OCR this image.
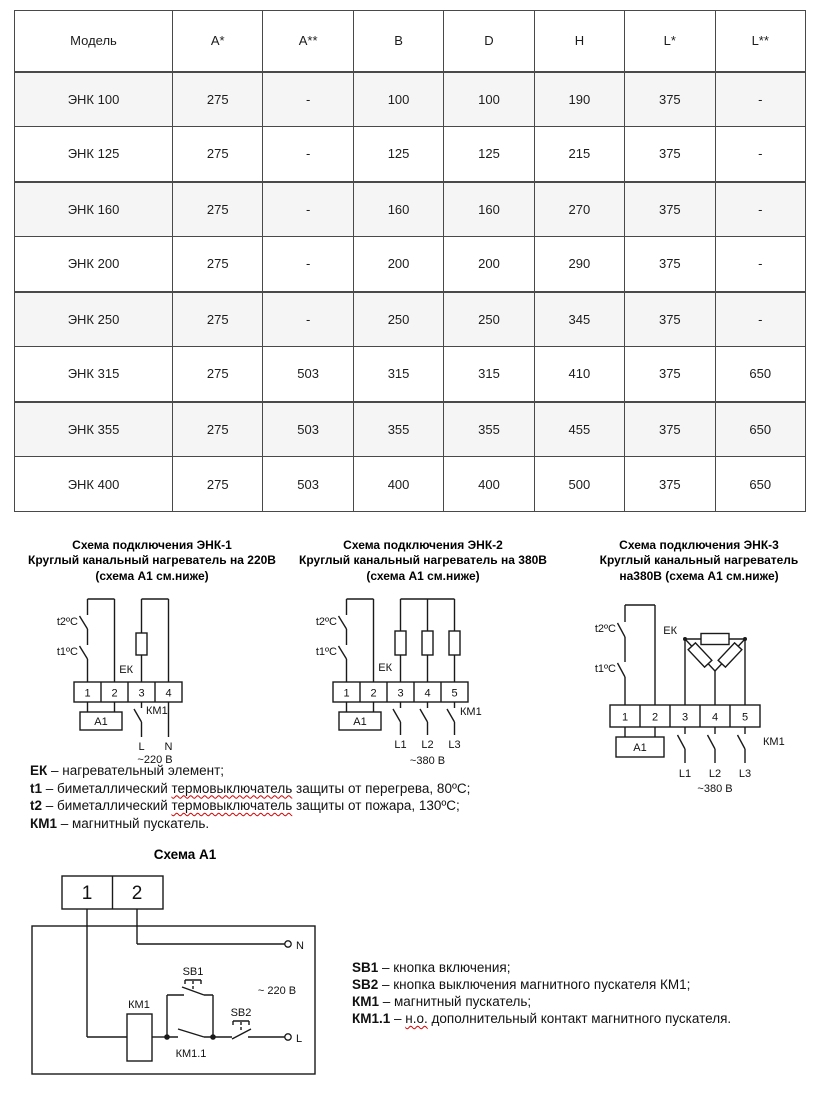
Модель	A*	A**	B	D	H	L*	L**
ЭНК 100	275	-	100	100	190	375	-
ЭНК 125	275	-	125	125	215	375	-
ЭНК 160	275	-	160	160	270	375	-
ЭНК 200	275	-	200	200	290	375	-
ЭНК 250	275	-	250	250	345	375	-
ЭНК 315	275	503	315	315	410	375	650
ЭНК 355	275	503	355	355	455	375	650
ЭНК 400	275	503	400	400	500	375	650
Схема подключения ЭНК-1
Круглый канальный нагреватель на 220В
(схема А1 см.ниже)
t2ºC
t1ºC
ЕК
1 2 3 4
А1
КМ1
L N
~220 В
Схема подключения ЭНК-2
Круглый канальный нагреватель на 380В
(схема А1 см.ниже)
t2ºC
t1ºC
ЕК
1 2 3 4 5
А1
КМ1
L1 L2 L3
~380 В
Схема подключения ЭНК-3
Круглый канальный нагреватель
на380В (схема А1 см.ниже)
t2ºC
t1ºC
ЕК
1 2 3 4 5
А1	КМ1
L1 L2 L3
~380 В
ЕК – нагревательный элемент;
t1 – биметаллический термовыключатель защиты от перегрева, 80ºС;
t2 – биметаллический термовыключатель защиты от пожара, 130ºС;
КМ1 – магнитный пускатель.
Схема А1
1 2
N
КМ1
КМ1.1
SB1
SB2
L
~ 220 В
SB1 – кнопка включения;
SB2 – кнопка выключения магнитного пускателя КМ1;
КМ1 – магнитный пускатель;
КМ1.1 – н.о. дополнительный контакт магнитного пускателя.
